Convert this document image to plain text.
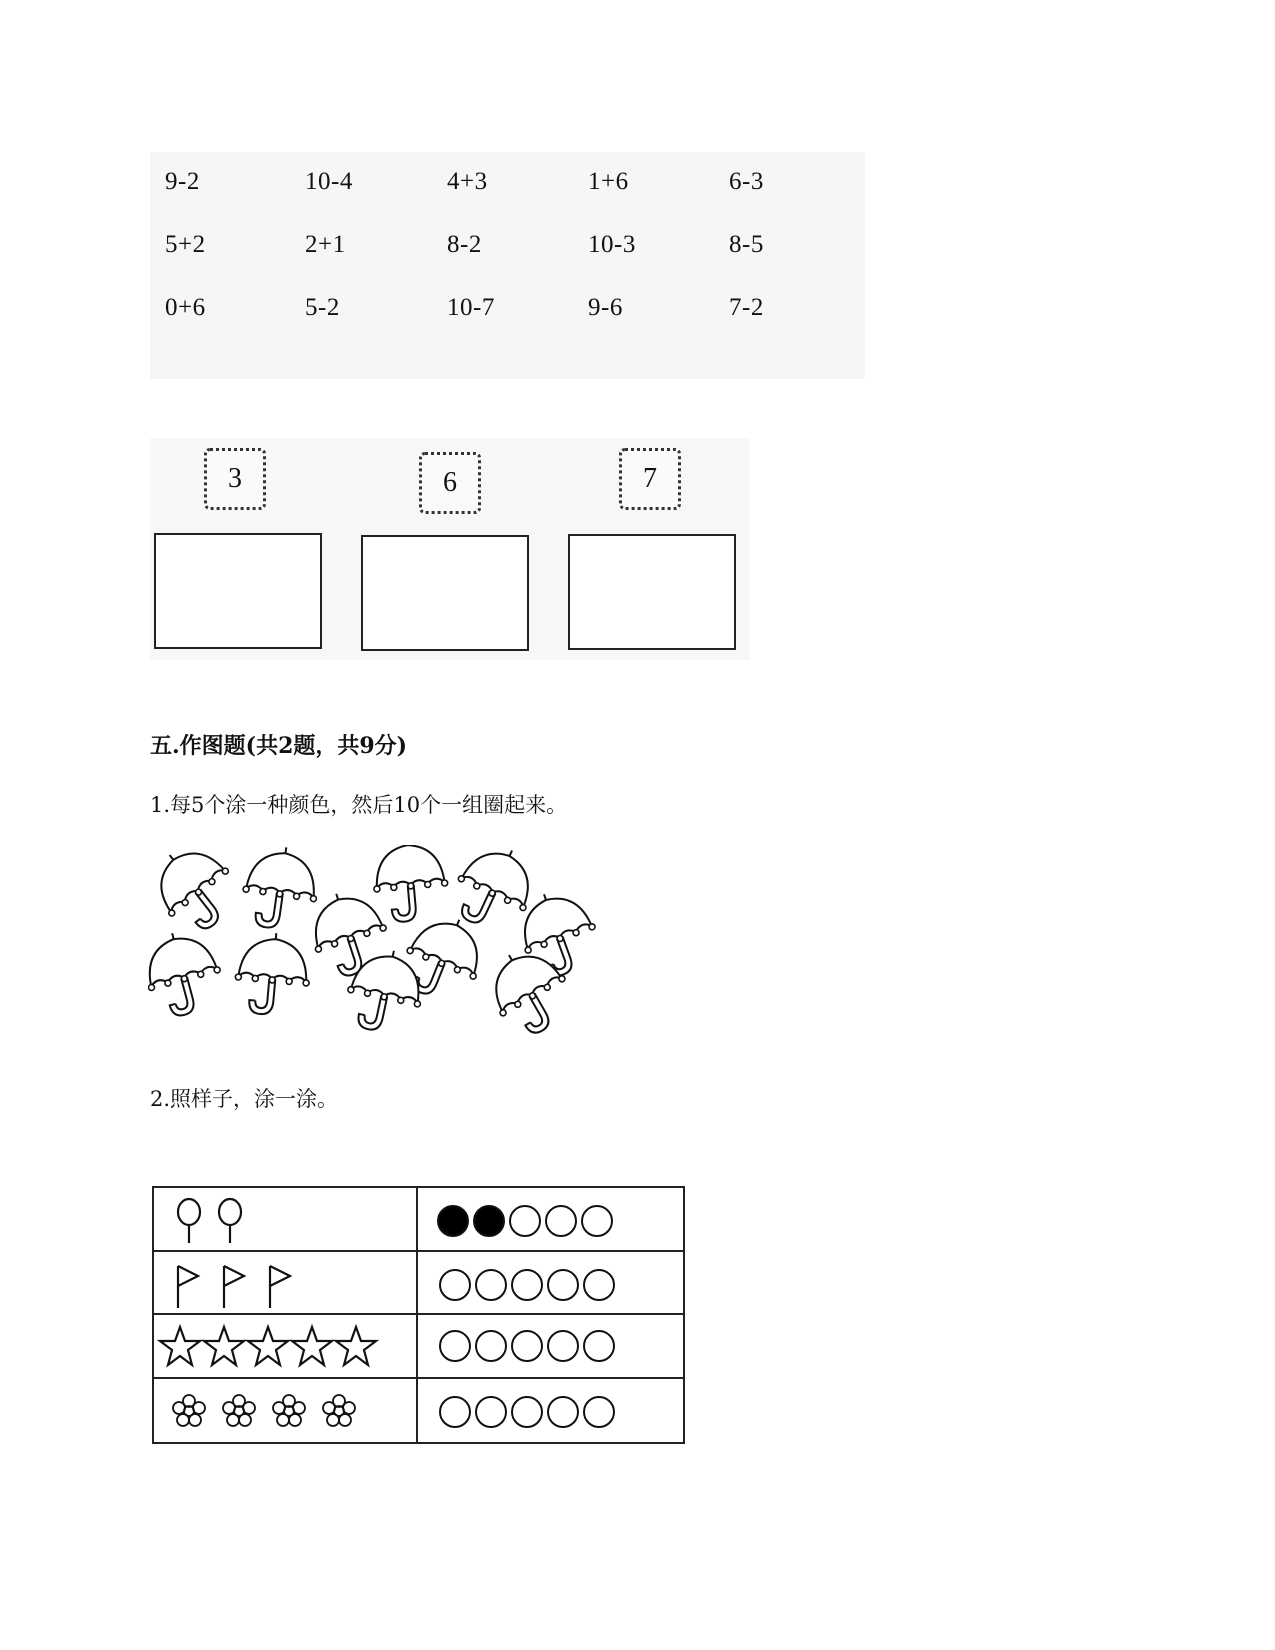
9-2	10-4	4+3	1+6	6-3
5+2	2+1	8-2	10-3	8-5
0+6	5-2	10-7	9-6	7-2
3	6	7
五.作图题(共2题，共9分)
1.每5个涂一种颜色，然后10个一组圈起来。
2.照样子，涂一涂。
